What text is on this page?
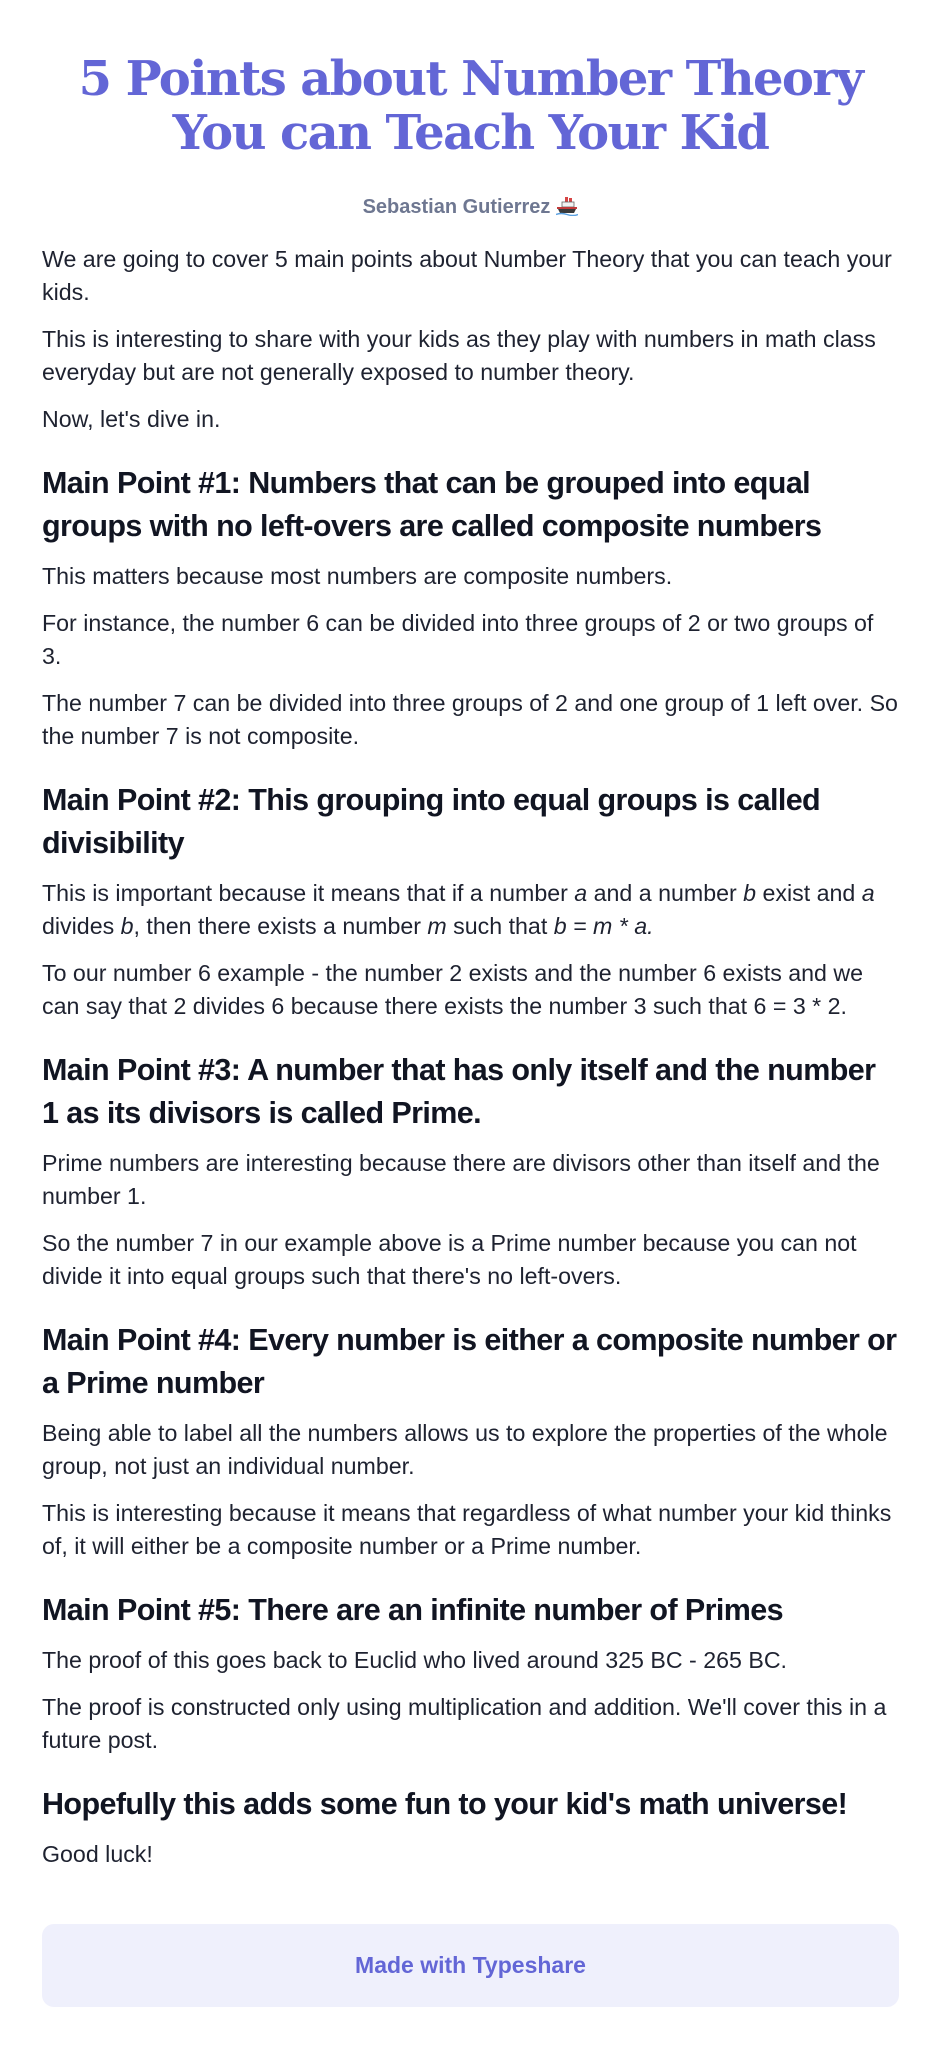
5 Points about Number Theory You can Teach Your Kid
Sebastian Gutierrez

We are going to cover 5 main points about Number Theory that you can teach your kids.

This is interesting to share with your kids as they play with numbers in math class everyday but are not generally exposed to number theory.

Now, let's dive in.

Main Point #1: Numbers that can be grouped into equal groups with no left-overs are called composite numbers

This matters because most numbers are composite numbers.

For instance, the number 6 can be divided into three groups of 2 or two groups of 3.

The number 7 can be divided into three groups of 2 and one group of 1 left over. So the number 7 is not composite.

Main Point #2: This grouping into equal groups is called divisibility

This is important because it means that if a number a and a number b exist and a divides b, then there exists a number m such that b = m * a.

To our number 6 example - the number 2 exists and the number 6 exists and we can say that 2 divides 6 because there exists the number 3 such that 6 = 3 * 2.

Main Point #3: A number that has only itself and the number 1 as its divisors is called Prime.

Prime numbers are interesting because there are divisors other than itself and the number 1.

So the number 7 in our example above is a Prime number because you can not divide it into equal groups such that there's no left-overs.

Main Point #4: Every number is either a composite number or a Prime number

Being able to label all the numbers allows us to explore the properties of the whole group, not just an individual number.

This is interesting because it means that regardless of what number your kid thinks of, it will either be a composite number or a Prime number.

Main Point #5: There are an infinite number of Primes

The proof of this goes back to Euclid who lived around 325 BC - 265 BC.

The proof is constructed only using multiplication and addition. We'll cover this in a future post.

Hopefully this adds some fun to your kid's math universe!

Good luck!

Made with Typeshare
